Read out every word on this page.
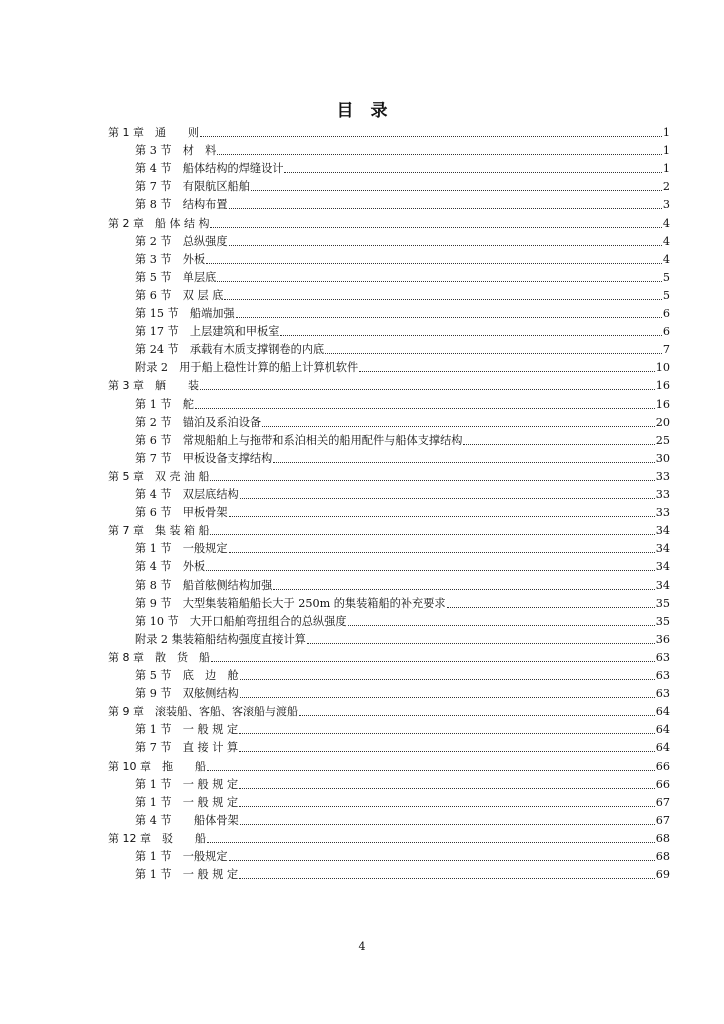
目　录
第 1 章　通　　则	1
第 3 节　材　料	1
第 4 节　船体结构的焊缝设计	1
第 7 节　有限航区船舶	2
第 8 节　结构布置	3
第 2 章　船 体 结 构	4
第 2 节　总纵强度	4
第 3 节　外板	4
第 5 节　单层底	5
第 6 节　双 层 底	5
第 15 节　船端加强	6
第 17 节　上层建筑和甲板室	6
第 24 节　承载有木质支撑钢卷的内底	7
附录 2　用于船上稳性计算的船上计算机软件	10
第 3 章　舾　　装	16
第 1 节　舵	16
第 2 节　锚泊及系泊设备	20
第 6 节　常规船舶上与拖带和系泊相关的船用配件与船体支撑结构	25
第 7 节　甲板设备支撑结构	30
第 5 章　双 壳 油 船	33
第 4 节　双层底结构	33
第 6 节　甲板骨架	33
第 7 章　集 装 箱 船	34
第 1 节　一般规定	34
第 4 节　外板	34
第 8 节　船首舷侧结构加强	34
第 9 节　大型集装箱船船长大于 250m 的集装箱船的补充要求	35
第 10 节　大开口船舶弯扭组合的总纵强度	35
附录 2 集装箱船结构强度直接计算	36
第 8 章　散　货　船	63
第 5 节　底　边　舱	63
第 9 节　双舷侧结构	63
第 9 章　滚装船、客船、客滚船与渡船	64
第 1 节　一 般 规 定	64
第 7 节　直 接 计 算	64
第 10 章　拖　　船	66
第 1 节　一 般 规 定	66
第 1 节　一 般 规 定	67
第 4 节　　船体骨架	67
第 12 章　驳　　船	68
第 1 节　一般规定	68
第 1 节　一 般 规 定	69
4
